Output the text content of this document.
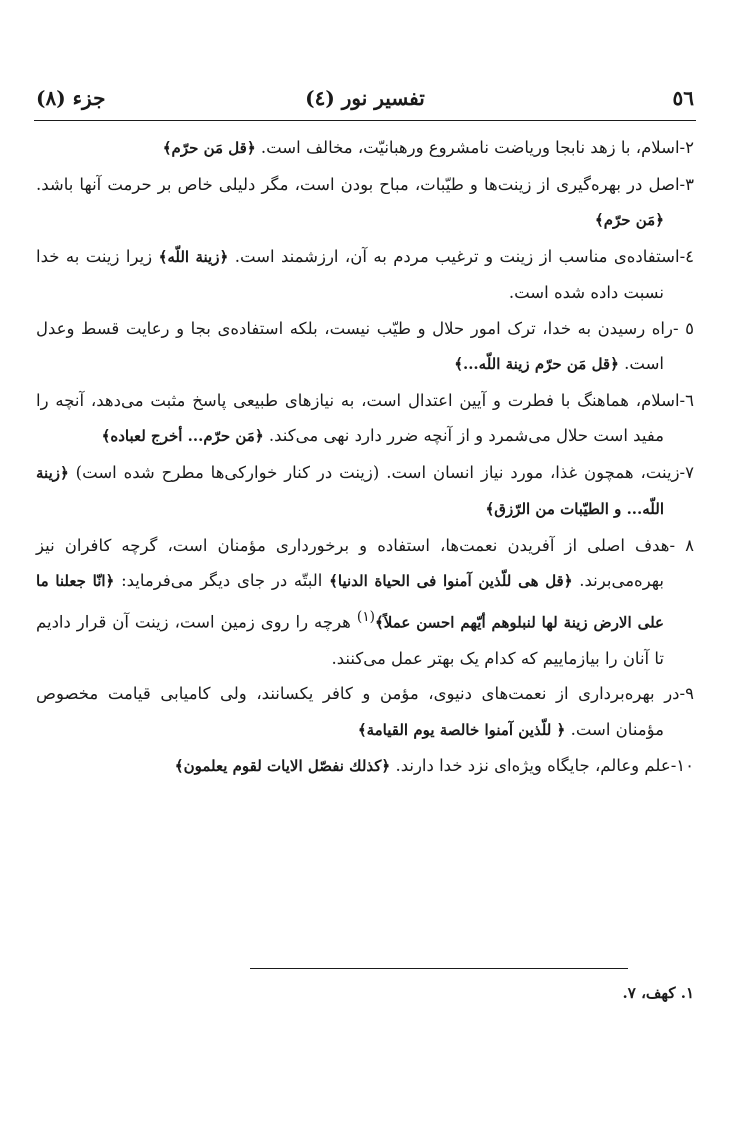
٥٦
تفسیر نور (٤)
جزء (٨)

٢-اسلام، با زهد نابجا وریاضت نامشروع ورهبانیّت، مخالف است. ﴿قل مَن حرّم﴾

٣-اصل در بهره‌گیری از زینت‌ها و طیّبات، مباح بودن است، مگر دلیلی خاص بر حرمت آنها باشد. ﴿مَن حرّم﴾

٤-استفاده‌ی مناسب از زینت و ترغیب مردم به آن، ارزشمند است. ﴿زینة اللّه﴾ زیرا زینت به خدا نسبت داده شده است.

٥ -راه رسیدن به خدا، ترک امور حلال و طیّب نیست، بلکه استفاده‌ی بجا و رعایت قسط وعدل است. ﴿قل مَن حرّم زینة اللّه...﴾

٦-اسلام، هماهنگ با فطرت و آیین اعتدال است، به نیازهای طبیعی پاسخ مثبت می‌دهد، آنچه را مفید است حلال می‌شمرد و از آنچه ضرر دارد نهی می‌کند. ﴿مَن حرّم... أخرج لعباده﴾

٧-زینت، همچون غذا، مورد نیاز انسان است. (زینت در کنار خوارکی‌ها مطرح شده است) ﴿زینة اللّه... و الطیّبات من الرّزق﴾

٨ -هدف اصلی از آفریدن نعمت‌ها، استفاده و برخورداری مؤمنان است، گرچه کافران نیز بهره‌می‌برند. ﴿قل هی للّذین آمنوا فی الحیاة الدنیا﴾ البتّه در جای دیگر می‌فرماید: ﴿انّا جعلنا ما علی الارض زینة لها لنبلوهم أیّهم احسن عملاً﴾$^{(١)}$ هرچه را روی زمین است، زینت آن قرار دادیم تا آنان را بیازماییم که کدام یک بهتر عمل می‌کنند.

٩-در بهره‌برداری از نعمت‌های دنیوی، مؤمن و کافر یکسانند، ولی کامیابی قیامت مخصوص مؤمنان است. ﴿ للّذین آمنوا خالصة یوم القیامة﴾

١٠-علم وعالم، جایگاه ویژه‌ای نزد خدا دارند. ﴿کذلك نفصّل الایات لقوم یعلمون﴾

١. کهف، ٧.
